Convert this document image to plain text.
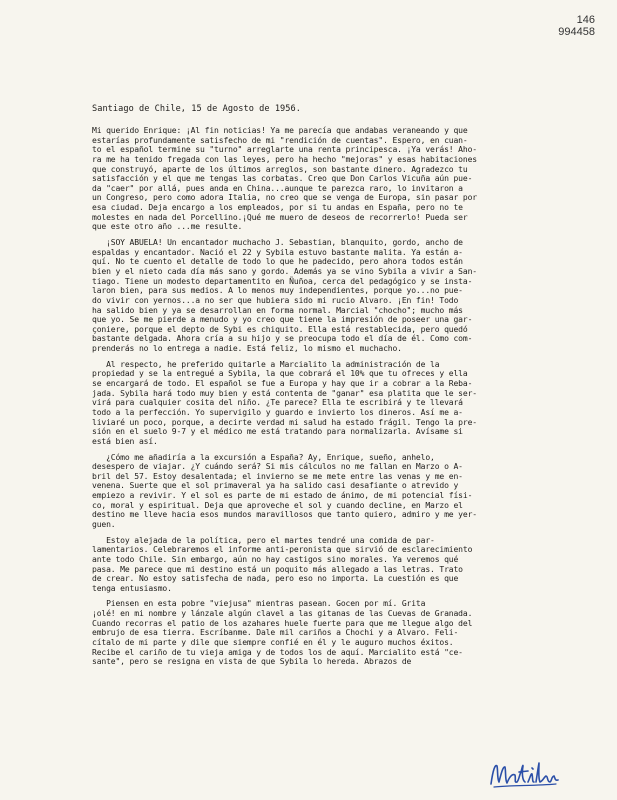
146
994458
Santiago de Chile, 15 de Agosto de 1956.
Mi querido Enrique: ¡Al fin noticias! Ya me parecía que andabas veraneando y que
estarías profundamente satisfecho de mi "rendición de cuentas". Espero, en cuan-
to el español termine su "turno" arreglarte una renta principesca. ¡Ya verás! Aho-
ra me ha tenido fregada con las leyes, pero ha hecho "mejoras" y esas habitaciones
que construyó, aparte de los últimos arreglos, son bastante dinero. Agradezco tu
satisfacción y el que me tengas las corbatas. Creo que Don Carlos Vicuña aún pue-
da "caer" por allá, pues anda en China...aunque te parezca raro, lo invitaron a
un Congreso, pero como adora Italia, no creo que se venga de Europa, sin pasar por
esa ciudad. Deja encargo a los empleados, por si tu andas en España, pero no te
molestes en nada del Porcellino.¡Qué me muero de deseos de recorrerlo! Pueda ser
que este otro año ...me resulte.
¡SOY ABUELA! Un encantador muchacho J. Sebastian, blanquito, gordo, ancho de
espaldas y encantador. Nació el 22 y Sybila estuvo bastante malita. Ya están a-
quí. No te cuento el detalle de todo lo que he padecido, pero ahora todos están
bien y el nieto cada día más sano y gordo. Además ya se vino Sybila a vivir a San-
tiago. Tiene un modesto departamentito en Ñuñoa, cerca del pedagógico y se insta-
laron bien, para sus medios. A lo menos muy independientes, porque yo...no pue-
do vivir con yernos...a no ser que hubiera sido mi rucio Alvaro. ¡En fin! Todo
ha salido bien y ya se desarrollan en forma normal. Marcial "chocho"; mucho más
que yo. Se me pierde a menudo y yo creo que tiene la impresión de poseer una gar-
çoniere, porque el depto de Sybi es chiquito. Ella está restablecida, pero quedó
bastante delgada. Ahora cría a su hijo y se preocupa todo el día de él. Como com-
prenderás no lo entrega a nadie. Está feliz, lo mismo el muchacho.
Al respecto, he preferido quitarle a Marcialito la administración de la
propiedad y se la entregué a Sybila, la que cobrará el 10% que tu ofreces y ella
se encargará de todo. El español se fue a Europa y hay que ir a cobrar a la Reba-
jada. Sybila hará todo muy bien y está contenta de "ganar" esa platita que le ser-
virá para cualquier cosita del niño. ¿Te parece? Ella te escribirá y te llevará
todo a la perfección. Yo supervigilo y guardo e invierto los dineros. Así me a-
liviaré un poco, porque, a decirte verdad mi salud ha estado frágil. Tengo la pre-
sión en el suelo 9-7 y el médico me está tratando para normalizarla. Avísame si
está bien así.
¿Cómo me añadiría a la excursión a España? Ay, Enrique, sueño, anhelo,
desespero de viajar. ¿Y cuándo será? Si mis cálculos no me fallan en Marzo o A-
bril del 57. Estoy desalentada; el invierno se me mete entre las venas y me en-
venena. Suerte que el sol primaveral ya ha salido casi desafiante o atrevido y
empiezo a revivir. Y el sol es parte de mi estado de ánimo, de mi potencial físi-
co, moral y espiritual. Deja que aproveche el sol y cuando decline, en Marzo el
destino me lleve hacia esos mundos maravillosos que tanto quiero, admiro y me yer-
guen.
Estoy alejada de la política, pero el martes tendré una comida de par-
lamentarios. Celebraremos el informe anti-peronista que sirvió de esclarecimiento
ante todo Chile. Sin embargo, aún no hay castigos sino morales. Ya veremos qué
pasa. Me parece que mi destino está un poquito más allegado a las letras. Trato
de crear. No estoy satisfecha de nada, pero eso no importa. La cuestión es que
tenga entusiasmo.
Piensen en esta pobre "viejusa" mientras pasean. Gocen por mí. Grita
¡olé! en mi nombre y lánzale algún clavel a las gitanas de las Cuevas de Granada.
Cuando recorras el patio de los azahares huele fuerte para que me llegue algo del
embrujo de esa tierra. Escríbanme. Dale mil cariños a Chochi y a Alvaro. Feli-
cítalo de mi parte y dile que siempre confié en él y le auguro muchos éxitos.
Recibe el cariño de tu vieja amiga y de todos los de aquí. Marcialito está "ce-
sante", pero se resigna en vista de que Sybila lo hereda. Abrazos de
